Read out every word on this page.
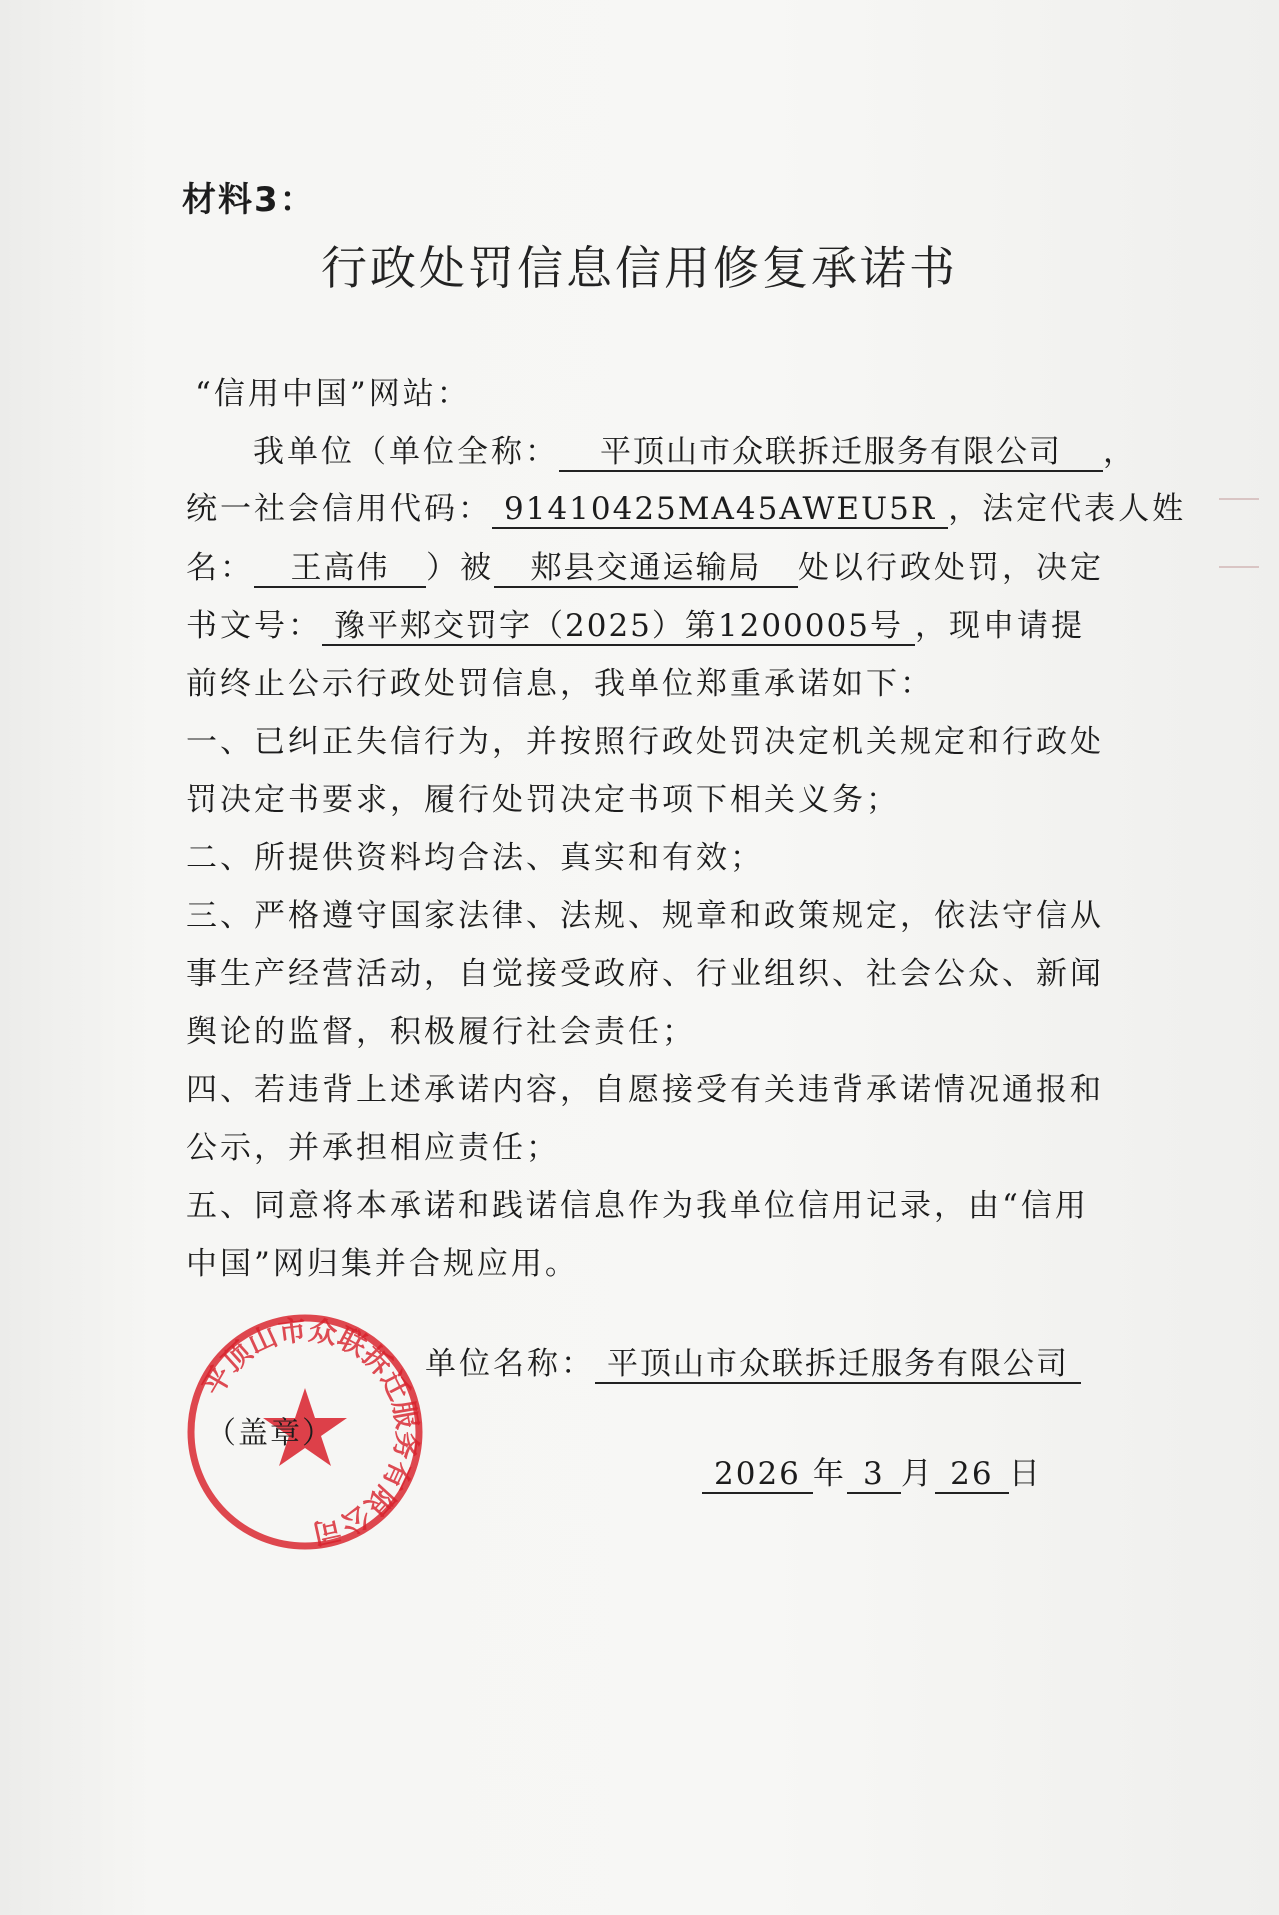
材料3：
行政处罚信息信用修复承诺书
“信用中国”网站：
我单位（单位全称： 平顶山市众联拆迁服务有限公司 ，
统一社会信用代码： 91410425MA45AWEU5R ，法定代表人姓
名： 王高伟 ）被 郏县交通运输局 处以行政处罚，决定
书文号： 豫平郏交罚字（2025）第1200005号 ，现申请提
前终止公示行政处罚信息，我单位郑重承诺如下：
一、已纠正失信行为，并按照行政处罚决定机关规定和行政处
罚决定书要求，履行处罚决定书项下相关义务；
二、所提供资料均合法、真实和有效；
三、严格遵守国家法律、法规、规章和政策规定，依法守信从
事生产经营活动，自觉接受政府、行业组织、社会公众、新闻
舆论的监督，积极履行社会责任；
四、若违背上述承诺内容，自愿接受有关违背承诺情况通报和
公示，并承担相应责任；
五、同意将本承诺和践诺信息作为我单位信用记录，由“信用
中国”网归集并合规应用。
平顶山市众联拆迁服务有限公司
（盖章）
单位名称： 平顶山市众联拆迁服务有限公司
2026 年 3 月 26 日
